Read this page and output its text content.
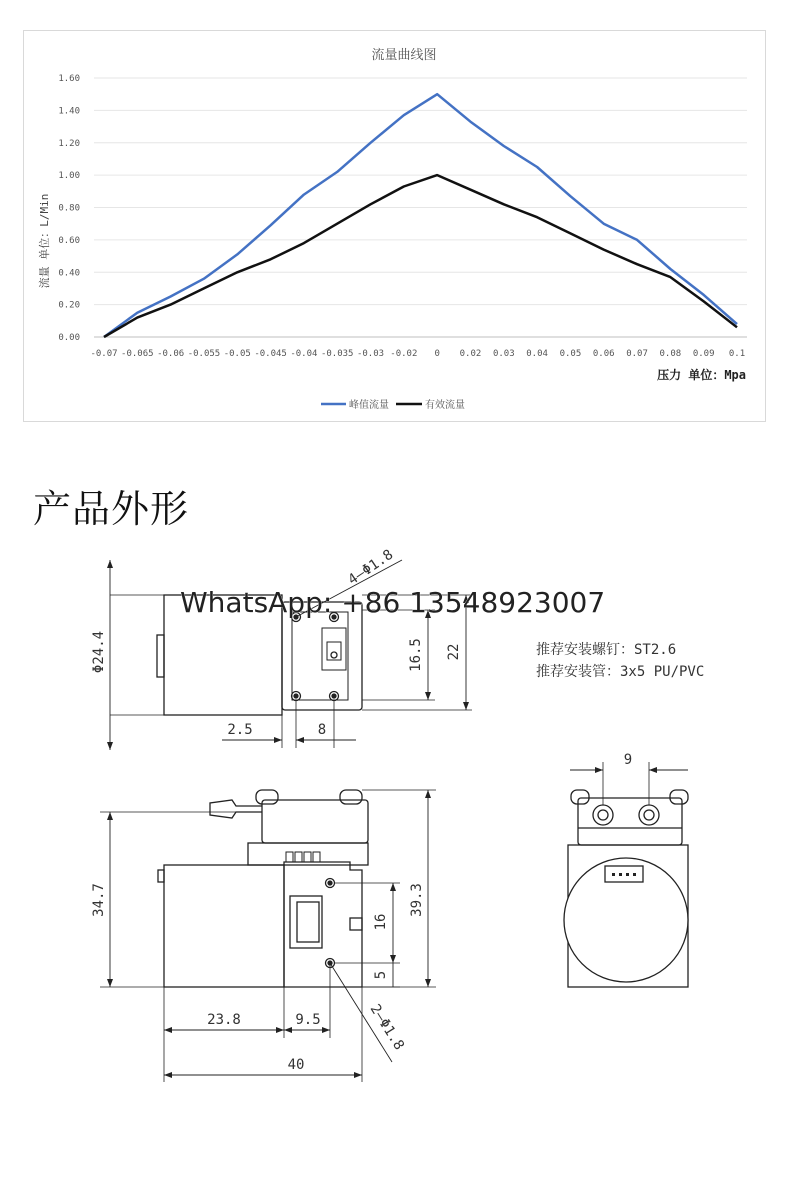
流量曲线图
0.00
0.20
0.40
0.60
0.80
1.00
1.20
1.40
1.60
-0.07 -0.065 -0.06 -0.055 -0.05 -0.045 -0.04 -0.035 -0.03 -0.02 0 0.02 0.03 0.04 0.05 0.06 0.07 0.08 0.09 0.1
流量 单位：L/Min
压力 单位：Mpa
峰值流量	有效流量
产品外形
Φ24.4
4—Φ1.8
16.5 22
2.5	8
推荐安装螺钉：ST2.6
推荐安装管：3x5 PU/PVC
9
34.7	39.3
16
5
23.8	9.5
40
2—Φ1.8
WhatsApp: +86 13548923007
